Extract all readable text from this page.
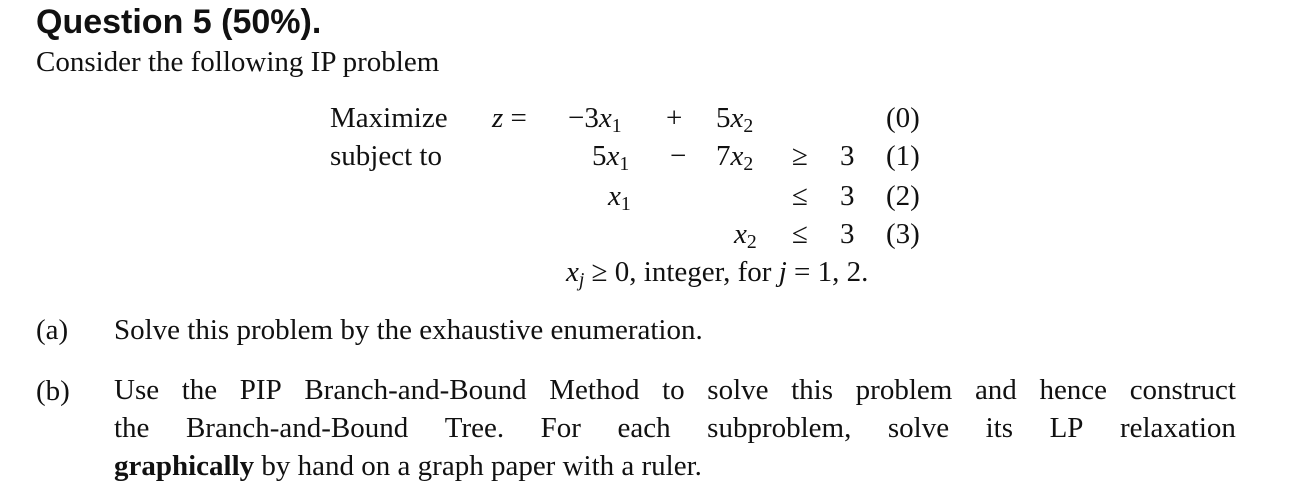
Question 5 (50%).
Consider the following IP problem
Maximize $z = -3x_1 + 5x_2$	(0)
subject to	$5x_1 - 7x_2 \ge 3$ (1)
$x_1$	≤ 3 (2)
$x_2 \le 3$ (3)
$x_j \ge 0$, integer, for j = 1, 2.
(a) Solve this problem by the exhaustive enumeration.
(b) Use the PIP Branch-and-Bound Method to solve this problem and hence construct
the Branch-and-Bound Tree. For each subproblem, solve its LP relaxation
graphically by hand on a graph paper with a ruler.
